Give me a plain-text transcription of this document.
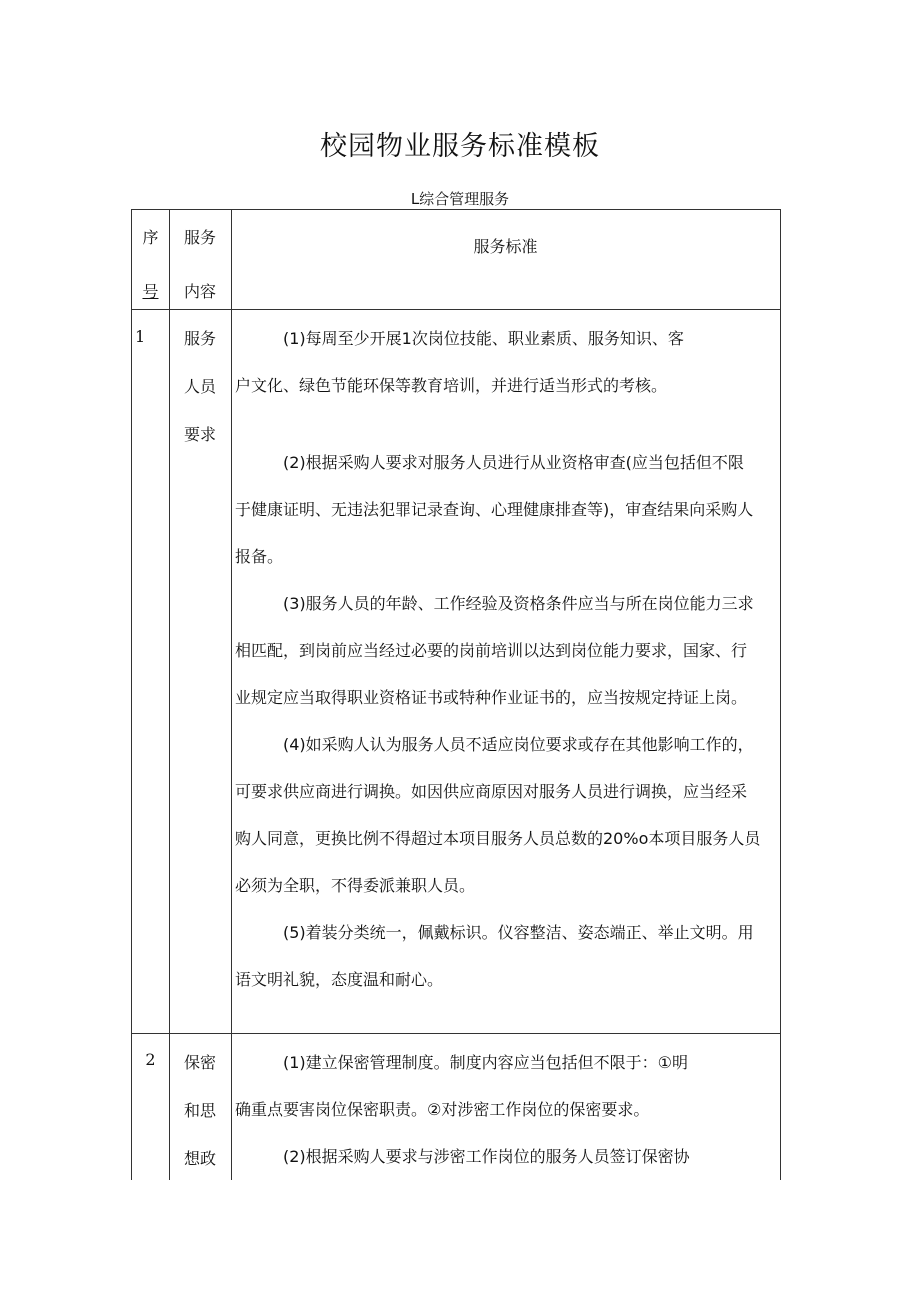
校园物业服务标准模板
L综合管理服务
序
号
服务
内容
服务标准
1	服务
人员
要求

(1)每周至少开展1次岗位技能、职业素质、服务知识、客

户文化、绿色节能环保等教育培训，并进行适当形式的考核。

(2)根据采购人要求对服务人员进行从业资格审查(应当包括但不限

于健康证明、无违法犯罪记录查询、心理健康排查等)，审查结果向采购人

报备。

(3)服务人员的年龄、工作经验及资格条件应当与所在岗位能力三求

相匹配，到岗前应当经过必要的岗前培训以达到岗位能力要求，国家、行

业规定应当取得职业资格证书或特种作业证书的，应当按规定持证上岗。

(4)如采购人认为服务人员不适应岗位要求或存在其他影响工作的，

可要求供应商进行调换。如因供应商原因对服务人员进行调换，应当经采

购人同意，更换比例不得超过本项目服务人员总数的20%o本项目服务人员

必须为全职，不得委派兼职人员。

(5)着装分类统一，佩戴标识。仪容整洁、姿态端正、举止文明。用

语文明礼貌，态度温和耐心。

2	保密
和思
想政

(1)建立保密管理制度。制度内容应当包括但不限于：①明

确重点要害岗位保密职责。②对涉密工作岗位的保密要求。

(2)根据采购人要求与涉密工作岗位的服务人员签订保密协
